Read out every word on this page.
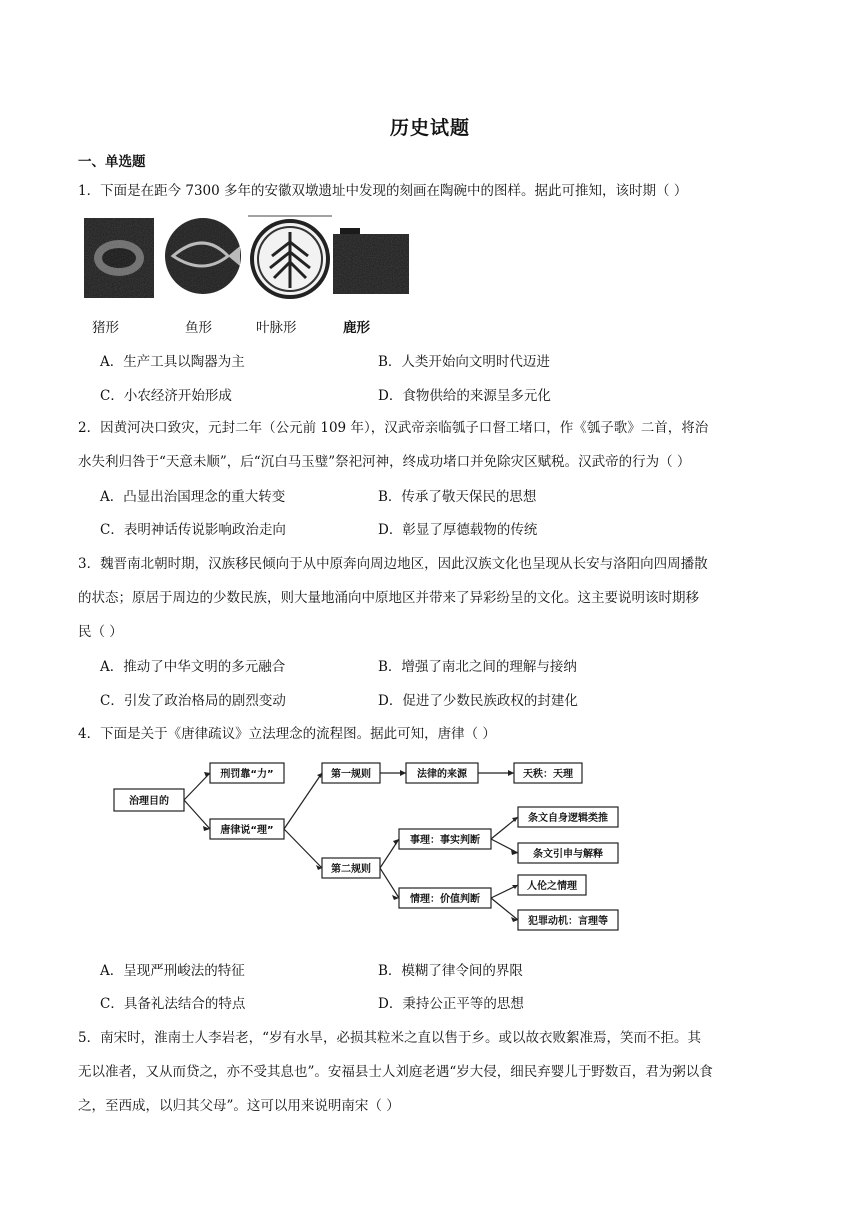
历史试题
一、单选题
1．下面是在距今 7300 多年的安徽双墩遗址中发现的刻画在陶碗中的图样。据此可推知，该时期（ ）
猪形	鱼形	叶脉形	鹿形
A．生产工具以陶器为主	B．人类开始向文明时代迈进
C．小农经济开始形成	D．食物供给的来源呈多元化
2．因黄河决口致灾，元封二年（公元前 109 年），汉武帝亲临瓠子口督工堵口，作《瓠子歌》二首，将治
水失利归咎于“天意未顺”，后“沉白马玉璧”祭祀河神，终成功堵口并免除灾区赋税。汉武帝的行为（ ）
A．凸显出治国理念的重大转变	B．传承了敬天保民的思想
C．表明神话传说影响政治走向	D．彰显了厚德载物的传统
3．魏晋南北朝时期，汉族移民倾向于从中原奔向周边地区，因此汉族文化也呈现从长安与洛阳向四周播散
的状态；原居于周边的少数民族，则大量地涌向中原地区并带来了异彩纷呈的文化。这主要说明该时期移
民（ ）
A．推动了中华文明的多元融合	B．增强了南北之间的理解与接纳
C．引发了政治格局的剧烈变动	D．促进了少数民族政权的封建化
4．下面是关于《唐律疏议》立法理念的流程图。据此可知，唐律（ ）
治理目的
刑罚靠“力”
唐律说“理”
第一规则
第二规则
法律的来源	天秩：天理
事理：事实判断
情理：价值判断
条文自身逻辑类推
条文引申与解释
人伦之情理
犯罪动机：言理等
A．呈现严刑峻法的特征	B．模糊了律令间的界限
C．具备礼法结合的特点	D．秉持公正平等的思想
5．南宋时，淮南士人李岩老，“岁有水旱，必损其粒米之直以售于乡。或以故衣败絮准焉，笑而不拒。其
无以准者，又从而贷之，亦不受其息也”。安福县士人刘庭老遇“岁大侵，细民弃婴儿于野数百，君为粥以食
之，至西成，以归其父母”。这可以用来说明南宋（ ）
